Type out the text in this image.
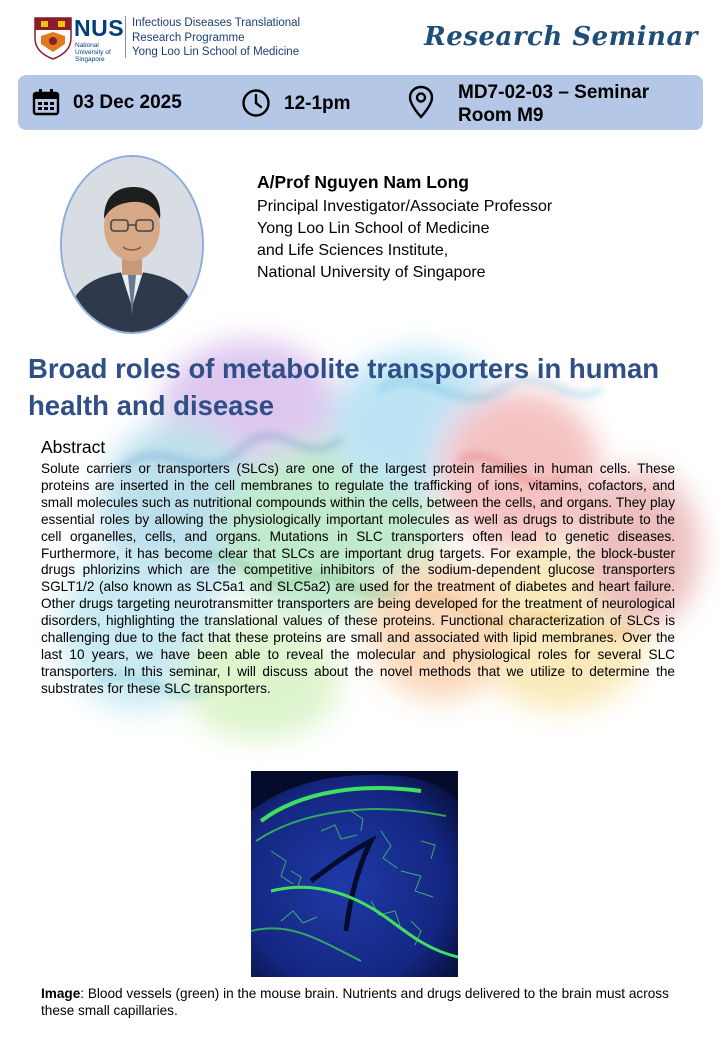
NUS
National University of Singapore
Infectious Diseases Translational
Research Programme
Yong Loo Lin School of Medicine	Research Seminar
03 Dec 2025	12-1pm
MD7-02-03 – Seminar
Room M9
A/Prof Nguyen Nam Long
Principal Investigator/Associate Professor
Yong Loo Lin School of Medicine
and Life Sciences Institute,
National University of Singapore
Broad roles of metabolite transporters in human health and disease
Abstract

Solute carriers or transporters (SLCs) are one of the largest protein families in human cells. These proteins are inserted in the cell membranes to regulate the trafficking of ions, vitamins, cofactors, and small molecules such as nutritional compounds within the cells, between the cells, and organs. They play essential roles by allowing the physiologically important molecules as well as drugs to distribute to the cell organelles, cells, and organs. Mutations in SLC transporters often lead to genetic diseases. Furthermore, it has become clear that SLCs are important drug targets. For example, the block-buster drugs phlorizins which are the competitive inhibitors of the sodium-dependent glucose transporters SGLT1/2 (also known as SLC5a1 and SLC5a2) are used for the treatment of diabetes and heart failure. Other drugs targeting neurotransmitter transporters are being developed for the treatment of neurological disorders, highlighting the translational values of these proteins. Functional characterization of SLCs is challenging due to the fact that these proteins are small and associated with lipid membranes. Over the last 10 years, we have been able to reveal the molecular and physiological roles for several SLC transporters. In this seminar, I will discuss about the novel methods that we utilize to determine the substrates for these SLC transporters.

Image: Blood vessels (green) in the mouse brain. Nutrients and drugs delivered to the brain must across these small capillaries.
